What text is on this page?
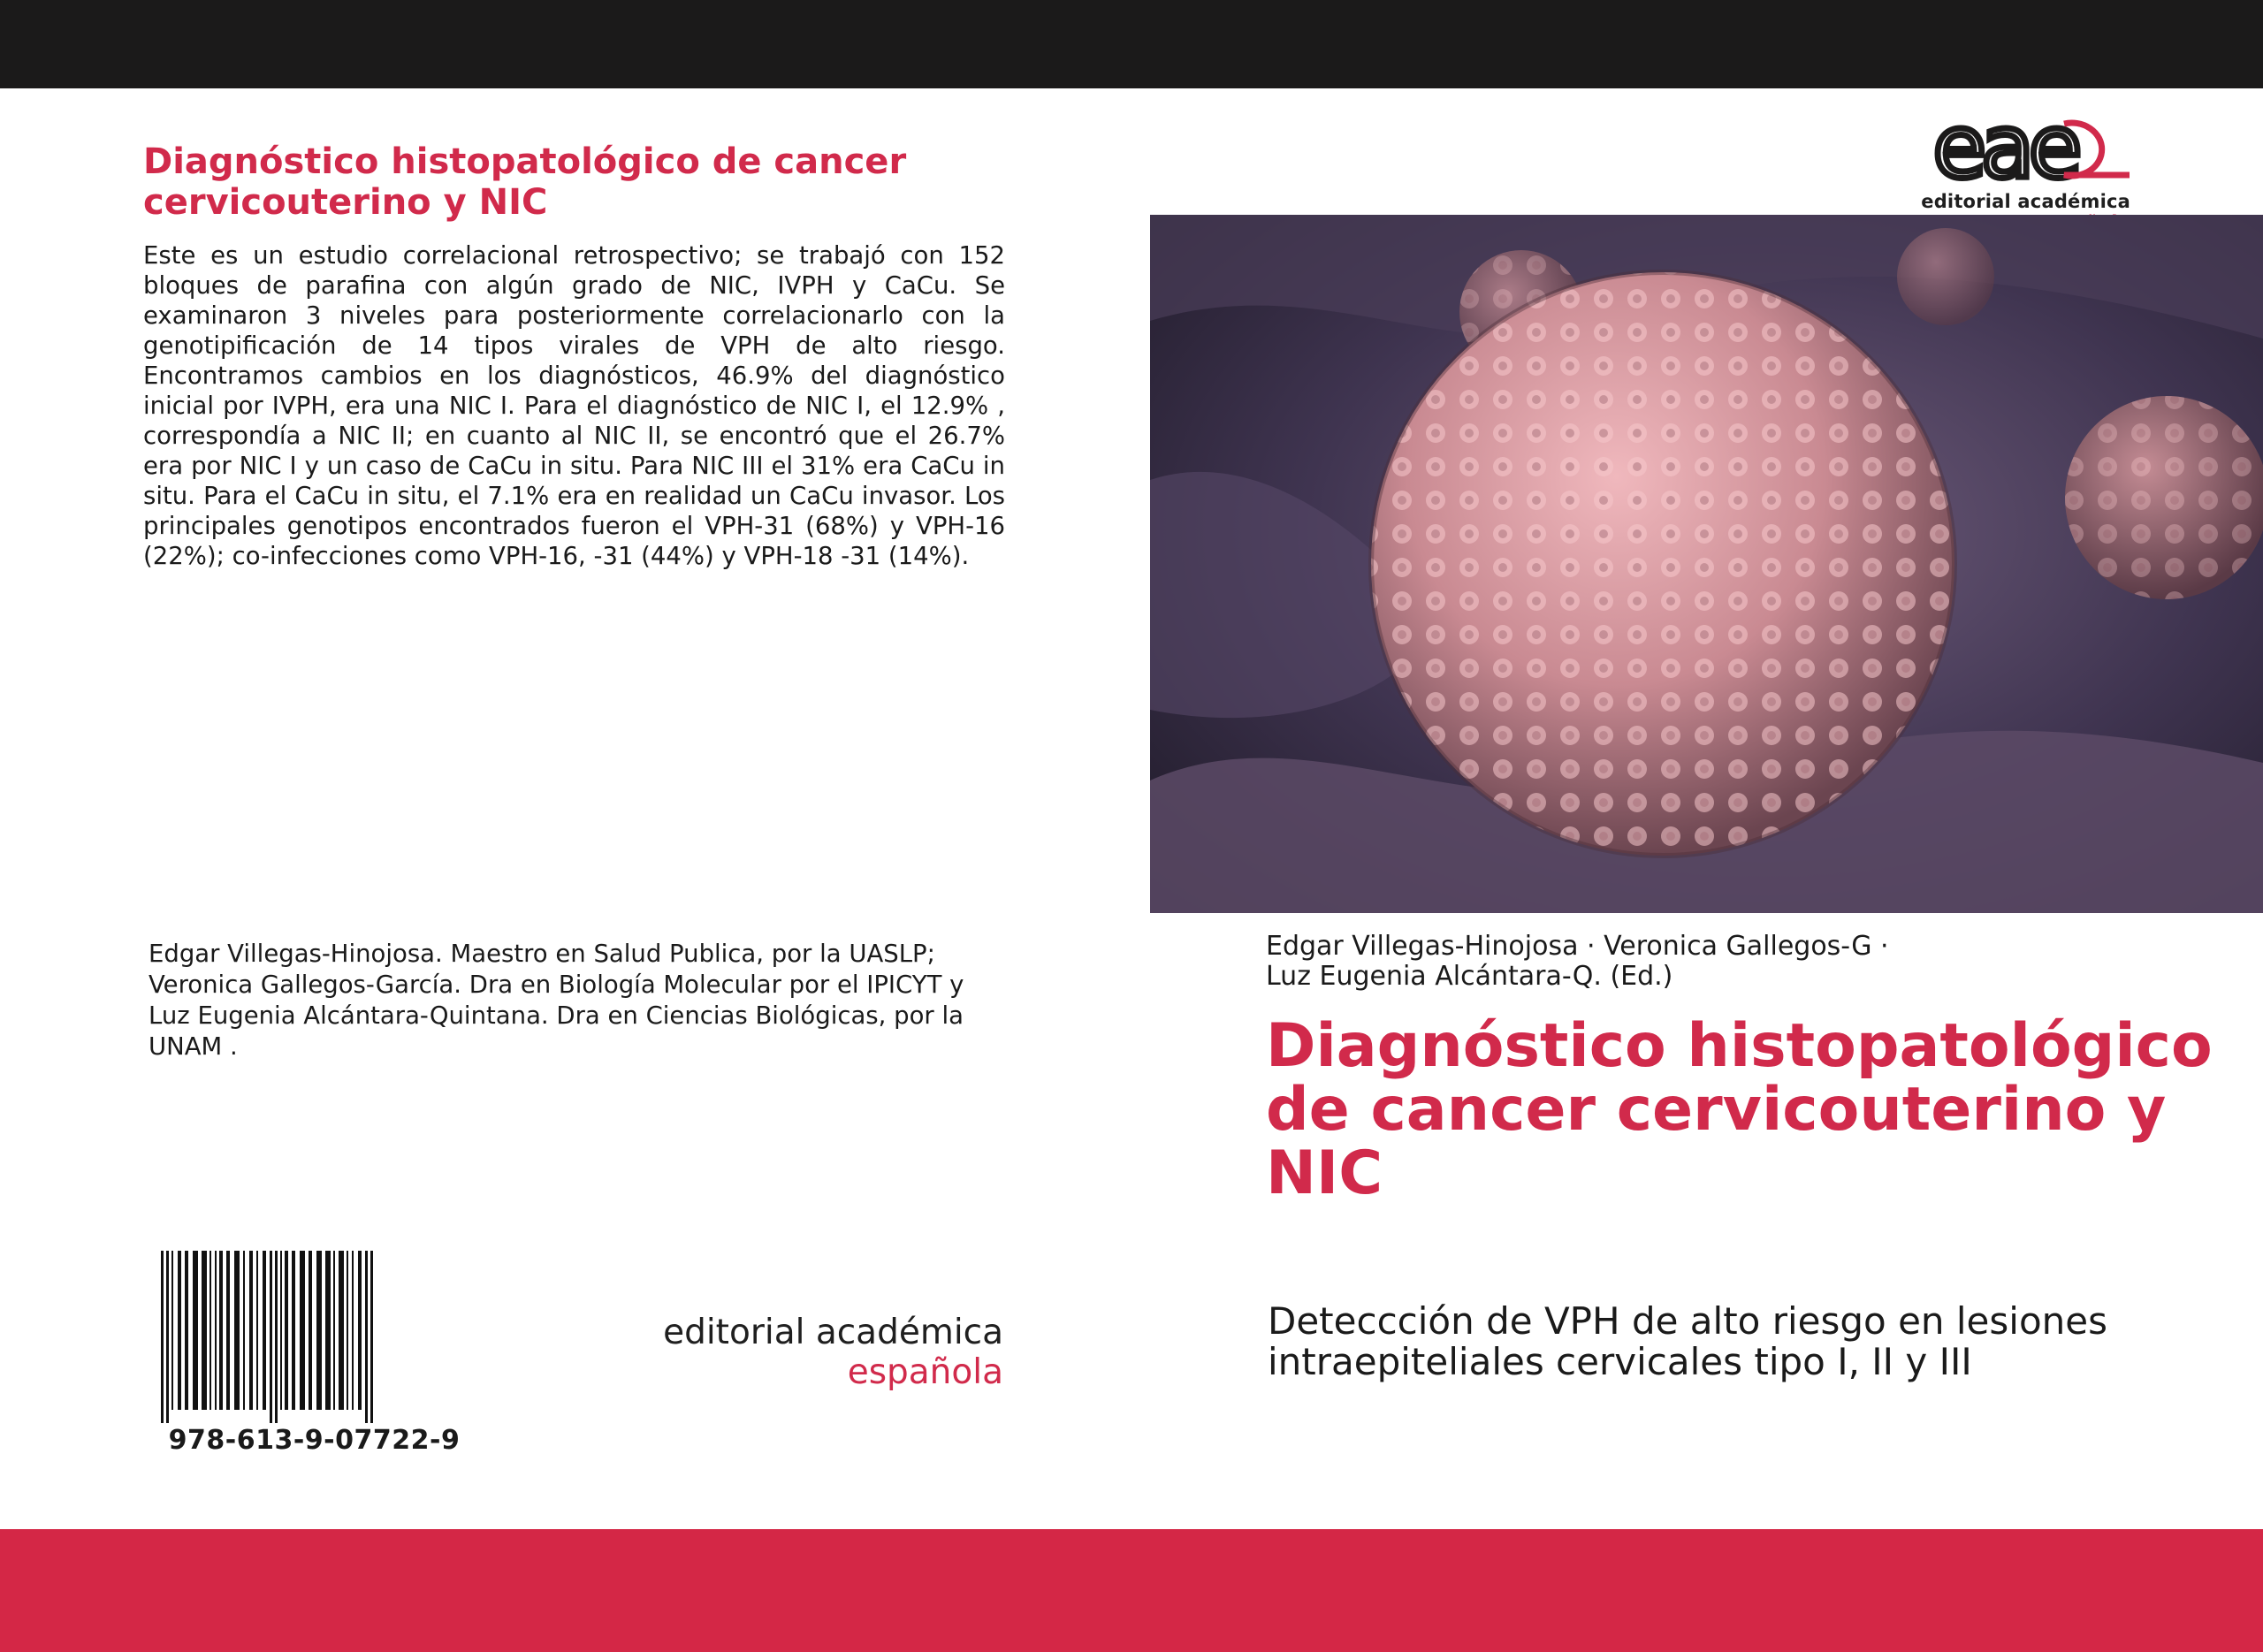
Diagnóstico histopatológico de cancer cervicouterino y NIC
Este es un estudio correlacional retrospectivo; se trabajó con 152 bloques de parafina con algún grado de NIC, IVPH y CaCu. Se examinaron 3 niveles para posteriormente correlacionarlo con la genotipificación de 14 tipos virales de VPH de alto riesgo. Encontramos cambios en los diagnósticos, 46.9% del diagnóstico inicial por IVPH, era una NIC I. Para el diagnóstico de NIC I, el 12.9% , correspondía a NIC II; en cuanto al NIC II, se encontró que el 26.7% era por NIC I y un caso de CaCu in situ. Para NIC III el 31% era CaCu in situ. Para el CaCu in situ, el 7.1% era en realidad un CaCu invasor. Los principales genotipos encontrados fueron el VPH-31 (68%) y VPH-16 (22%); co-infecciones como VPH-16, -31 (44%) y VPH-18 -31 (14%).
Edgar Villegas-Hinojosa. Maestro en Salud Publica, por la UASLP; Veronica Gallegos-García. Dra en Biología Molecular por el IPICYT y Luz Eugenia Alcántara-Quintana. Dra en Ciencias Biológicas, por la UNAM .
978-613-9-07722-9
editorial académica española
eae
editorial académica
Edgar Villegas-Hinojosa · Veronica Gallegos-G ·
Luz Eugenia Alcántara-Q. (Ed.)
Diagnóstico histopatológico de cancer cervicouterino y NIC
Deteccción de VPH de alto riesgo en lesiones intraepiteliales cervicales tipo I, II y III
